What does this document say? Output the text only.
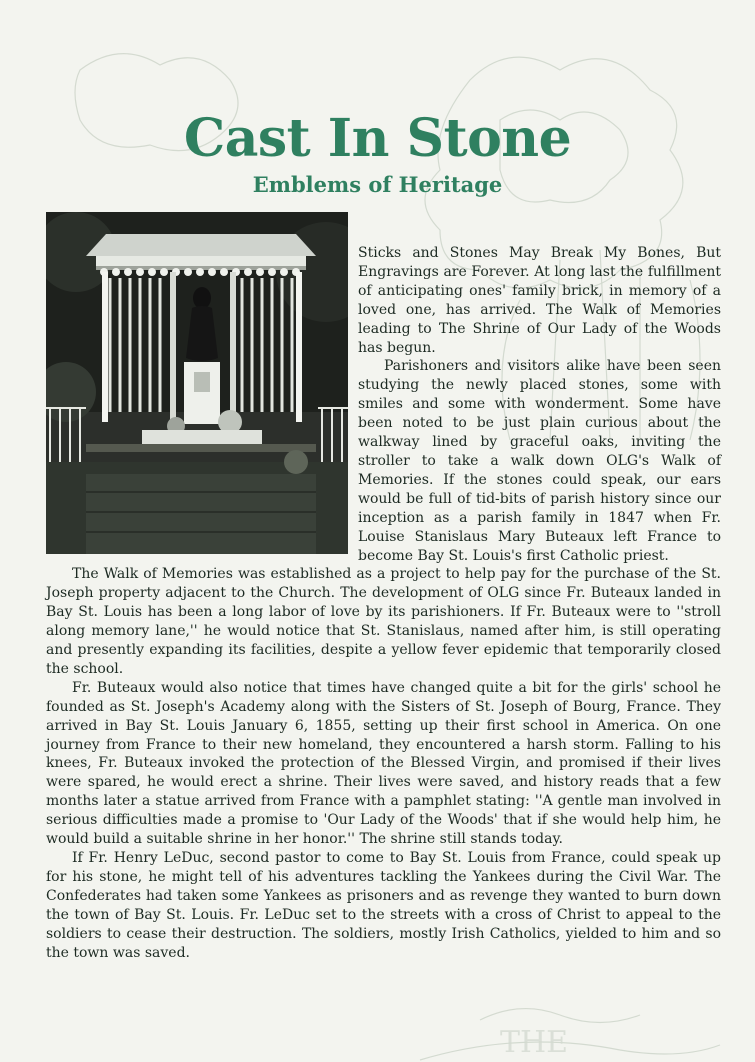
THE
Cast In Stone
Emblems of Heritage

Sticks and Stones May Break My Bones, But Engravings are Forever. At long last the fulfillment of anticipating ones' family brick, in memory of a loved one, has arrived. The Walk of Memories leading to The Shrine of Our Lady of the Woods has begun.

Parishoners and visitors alike have been seen studying the newly placed stones, some with smiles and some with wonderment. Some have been noted to be just plain curious about the walkway lined by graceful oaks, inviting the stroller to take a walk down OLG's Walk of Memories. If the stones could speak, our ears would be full of tid-bits of parish history since our inception as a parish family in 1847 when Fr. Louise Stanislaus Mary Buteaux left France to become Bay St. Louis's first Catholic priest.

The Walk of Memories was established as a project to help pay for the purchase of the St. Joseph property adjacent to the Church. The development of OLG since Fr. Buteaux landed in Bay St. Louis has been a long labor of love by its parishioners. If Fr. Buteaux were to ''stroll along memory lane,'' he would notice that St. Stanislaus, named after him, is still operating and presently expanding its facilities, despite a yellow fever epidemic that temporarily closed the school.

Fr. Buteaux would also notice that times have changed quite a bit for the girls' school he founded as St. Joseph's Academy along with the Sisters of St. Joseph of Bourg, France. They arrived in Bay St. Louis January 6, 1855, setting up their first school in America. On one journey from France to their new homeland, they encountered a harsh storm. Falling to his knees, Fr. Buteaux invoked the protection of the Blessed Virgin, and promised if their lives were spared, he would erect a shrine. Their lives were saved, and history reads that a few months later a statue arrived from France with a pamphlet stating: ''A gentle man involved in serious difficulties made a promise to 'Our Lady of the Woods' that if she would help him, he would build a suitable shrine in her honor.'' The shrine still stands today.

If Fr. Henry LeDuc, second pastor to come to Bay St. Louis from France, could speak up for his stone, he might tell of his adventures tackling the Yankees during the Civil War. The Confederates had taken some Yankees as prisoners and as revenge they wanted to burn down the town of Bay St. Louis. Fr. LeDuc set to the streets with a cross of Christ to appeal to the soldiers to cease their destruction. The soldiers, mostly Irish Catholics, yielded to him and so the town was saved.
